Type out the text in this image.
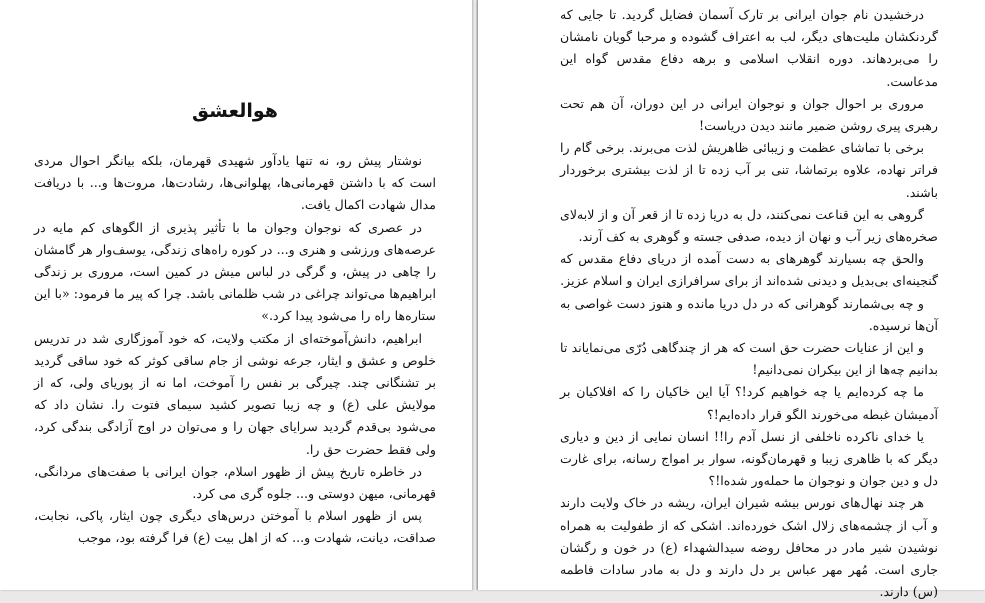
هوالعشق

نوشتار پیش رو، نه تنها یادآور شهیدی قهرمان، بلکه بیانگر احوال مردی است که با داشتن قهرمانی‌ها، پهلوانی‌ها، رشادت‌ها، مروت‌ها و... با دریافت مدال شهادت اکمال یافت.

در عصری که نوجوان وجوان ما با تأثیر پذیری از الگوهای کم مایه در عرصه‌های ورزشی و هنری و... در کوره راه‌های زندگی، یوسف‌وار هر گامشان را چاهی در پیش، و گرگی در لباس میش در کمین است، مروری بر زندگی ابراهیم‌ها می‌تواند چراغی در شب ظلمانی باشد. چرا که پیر ما فرمود: «با این ستاره‌ها راه را می‌شود پیدا کرد.»

ابراهیم، دانش‌آموخته‌ای از مکتب ولایت، که خود آموزگاری شد در تدریس خلوص و عشق و ایثار، جرعه نوشی از جام ساقی کوثر که خود ساقی گردید بر تشنگانی چند. چیرگی بر نفس را آموخت، اما نه از پوریای ولی، که از مولایش علی (ع) و چه زیبا تصویر کشید سیمای فتوت را. نشان داد که می‌شود بی‌قدم گردید سرایای جهان را و می‌توان در اوج آزادگی بندگی کرد، ولی فقط حضرت حق را.

در خاطره تاریخ پیش از ظهور اسلام، جوان ایرانی با صفت‌های مردانگی، قهرمانی، میهن دوستی و... جلوه گری می کرد.

پس از ظهور اسلام با آموختن درس‌های دیگری چون ایثار، پاکی، نجابت، صداقت، دیانت، شهادت و... که از اهل بیت (ع) فرا گرفته بود، موجب

درخشیدن نام جوان ایرانی بر تارک آسمان فضایل گردید. تا جایی که گردنکشان ملیت‌های دیگر، لب به اعتراف گشوده و مرحبا گویان نامشان را می‌بردهاند. دوره انقلاب اسلامی و برهه دفاع مقدس گواه این مدعاست.

مروری بر احوال جوان و نوجوان ایرانی در این دوران، آن هم تحت رهبری پیری روشن ضمیر مانند دیدن دریاست!

برخی با تماشای عظمت و زیبائی ظاهریش لذت می‌برند. برخی گام را فراتر نهاده، علاوه برتماشا، تنی بر آب زده تا از لذت بیشتری برخوردار باشند.

گروهی به این قناعت نمی‌کنند، دل به دریا زده تا از قعر آن و از لابه‌لای صخره‌های زیر آب و نهان از دیده، صدفی جسته و گوهری به کف آرند.

والحق چه بسیارند گوهرهای به دست آمده از دریای دفاع مقدس که گنجینه‌ای بی‌بدیل و دیدنی شده‌اند از برای سرافرازی ایران و اسلام عزیز.

و چه بی‌شمارند گوهرانی که در دل دریا مانده و هنوز دست غواصی به آن‌ها نرسیده.

و این از عنایات حضرت حق است که هر از چندگاهی دُرّی می‌نمایاند تا بدانیم چه‌ها از این بیکران نمی‌دانیم!

ما چه کرده‌ایم یا چه خواهیم کرد!؟ آیا این خاکیان را که افلاکیان بر آدمیشان غبطه می‌خورند الگو قرار داده‌ایم!؟

یا خدای ناکرده ناخلفی از نسل آدم را!! انسان نمایی از دین و دیاری دیگر که با ظاهری زیبا و قهرمان‌گونه، سوار بر امواج رسانه، برای غارت دل و دین جوان و نوجوان ما حمله‌ور شده‌ا!؟

هر چند نهال‌های نورس بیشه شیران ایران، ریشه در خاک ولایت دارند و آب از چشمه‌های زلال اشک خورده‌اند. اشکی که از طفولیت به همراه نوشیدن شیر مادر در محافل روضه سیدالشهداء (ع) در خون و رگشان جاری است. مُهر مهر عباس بر دل دارند و دل به مادر سادات فاطمه (س) دارند.
